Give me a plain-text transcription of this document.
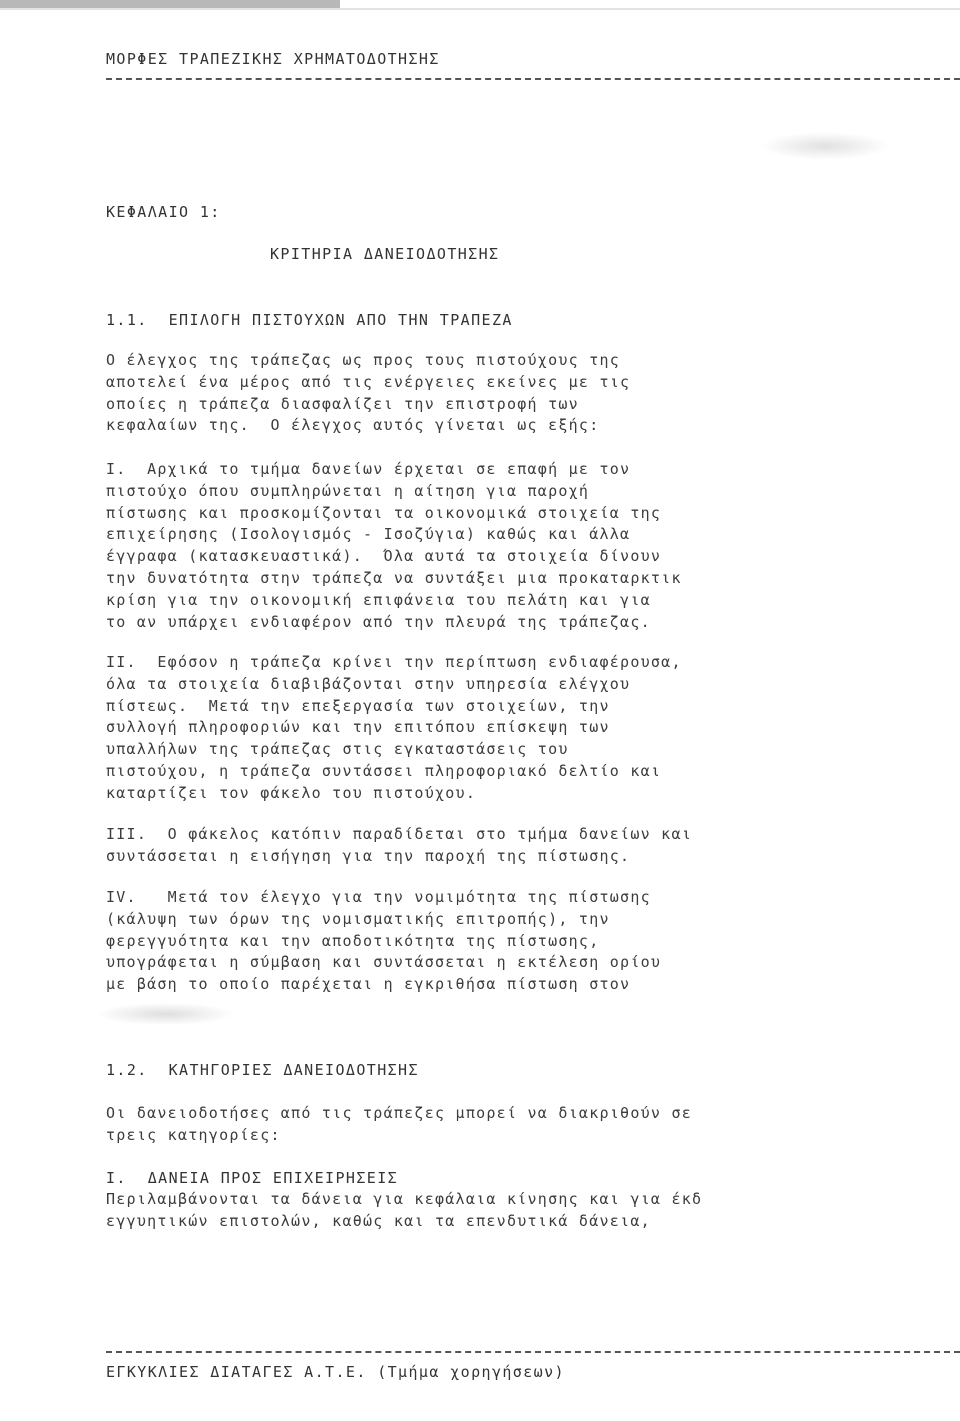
ΜΟΡΦΕΣ ΤΡΑΠΕΖΙΚΗΣ ΧΡΗΜΑΤΟΔΟΤΗΣΗΣ
ΚΕΦΑΛΑΙΟ 1:
ΚΡΙΤΗΡΙΑ ΔΑΝΕΙΟΔΟΤΗΣΗΣ
1.1.  ΕΠΙΛΟΓΗ ΠΙΣΤΟΥΧΩΝ ΑΠΟ ΤΗΝ ΤΡΑΠΕΖΑ
Ο έλεγχος της τράπεζας ως προς τους πιστούχους της
αποτελεί ένα μέρος από τις ενέργειες εκείνες με τις
οποίες η τράπεζα διασφαλίζει την επιστροφή των
κεφαλαίων της.  Ο έλεγχος αυτός γίνεται ως εξής:
I.  Αρχικά το τμήμα δανείων έρχεται σε επαφή με τον
πιστούχο όπου συμπληρώνεται η αίτηση για παροχή
πίστωσης και προσκομίζονται τα οικονομικά στοιχεία της
επιχείρησης (Ισολογισμός - Ισοζύγια) καθώς και άλλα
έγγραφα (κατασκευαστικά).  Όλα αυτά τα στοιχεία δίνουν
την δυνατότητα στην τράπεζα να συντάξει μια προκαταρκτικ
κρίση για την οικονομική επιφάνεια του πελάτη και για
το αν υπάρχει ενδιαφέρον από την πλευρά της τράπεζας.
II.  Εφόσον η τράπεζα κρίνει την περίπτωση ενδιαφέρουσα,
όλα τα στοιχεία διαβιβάζονται στην υπηρεσία ελέγχου
πίστεως.  Μετά την επεξεργασία των στοιχείων, την
συλλογή πληροφοριών και την επιτόπου επίσκεψη των
υπαλλήλων της τράπεζας στις εγκαταστάσεις του
πιστούχου, η τράπεζα συντάσσει πληροφοριακό δελτίο και
καταρτίζει τον φάκελο του πιστούχου.
III.  Ο φάκελος κατόπιν παραδίδεται στο τμήμα δανείων και
συντάσσεται η εισήγηση για την παροχή της πίστωσης.
IV.   Μετά τον έλεγχο για την νομιμότητα της πίστωσης
(κάλυψη των όρων της νομισματικής επιτροπής), την
φερεγγυότητα και την αποδοτικότητα της πίστωσης,
υπογράφεται η σύμβαση και συντάσσεται η εκτέλεση ορίου
με βάση το οποίο παρέχεται η εγκριθήσα πίστωση στον
1.2.  ΚΑΤΗΓΟΡΙΕΣ ΔΑΝΕΙΟΔΟΤΗΣΗΣ
Οι δανειοδοτήσες από τις τράπεζες μπορεί να διακριθούν σε
τρεις κατηγορίες:
I.  ΔΑΝΕΙΑ ΠΡΟΣ ΕΠΙΧΕΙΡΗΣΕΙΣ
Περιλαμβάνονται τα δάνεια για κεφάλαια κίνησης και για έκδ
εγγυητικών επιστολών, καθώς και τα επενδυτικά δάνεια,
ΕΓΚΥΚΛΙΕΣ ΔΙΑΤΑΓΕΣ Α.Τ.Ε. (Τμήμα χορηγήσεων)
